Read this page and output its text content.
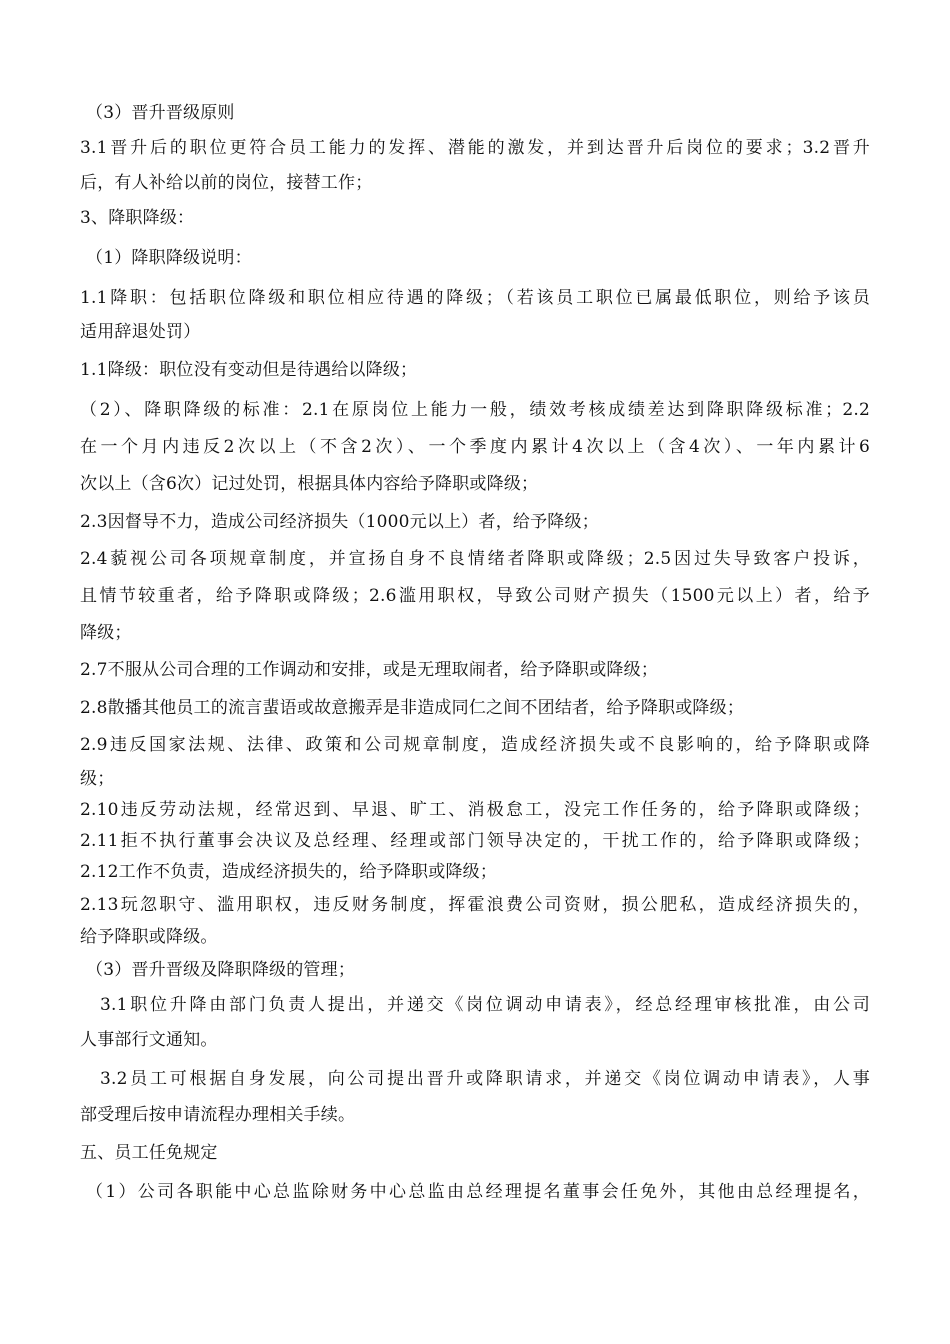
（3）晋升晋级原则
3.1晋升后的职位更符合员工能力的发挥、潜能的激发，并到达晋升后岗位的要求；3.2晋升
后，有人补给以前的岗位，接替工作；
3、降职降级：
（1）降职降级说明：
1.1降职：包括职位降级和职位相应待遇的降级；（若该员工职位已属最低职位，则给予该员
适用辞退处罚）
1.1降级：职位没有变动但是待遇给以降级；
（2）、降职降级的标准：2.1在原岗位上能力一般，绩效考核成绩差达到降职降级标准；2.2
在一个月内违反2次以上（不含2次）、一个季度内累计4次以上（含4次）、一年内累计6
次以上（含6次）记过处罚，根据具体内容给予降职或降级；
2.3因督导不力，造成公司经济损失（1000元以上）者，给予降级；
2.4藐视公司各项规章制度，并宣扬自身不良情绪者降职或降级；2.5因过失导致客户投诉，
且情节较重者，给予降职或降级；2.6滥用职权，导致公司财产损失（1500元以上）者，给予
降级；
2.7不服从公司合理的工作调动和安排，或是无理取闹者，给予降职或降级；
2.8散播其他员工的流言蜚语或故意搬弄是非造成同仁之间不团结者，给予降职或降级；
2.9违反国家法规、法律、政策和公司规章制度，造成经济损失或不良影响的，给予降职或降
级；
2.10违反劳动法规，经常迟到、早退、旷工、消极怠工，没完工作任务的，给予降职或降级；
2.11拒不执行董事会决议及总经理、经理或部门领导决定的，干扰工作的，给予降职或降级；
2.12工作不负责，造成经济损失的，给予降职或降级；
2.13玩忽职守、滥用职权，违反财务制度，挥霍浪费公司资财，损公肥私，造成经济损失的，
给予降职或降级。
（3）晋升晋级及降职降级的管理；
3.1职位升降由部门负责人提出，并递交《岗位调动申请表》，经总经理审核批准，由公司
人事部行文通知。
3.2员工可根据自身发展，向公司提出晋升或降职请求，并递交《岗位调动申请表》，人事
部受理后按申请流程办理相关手续。
五、员工任免规定
（1）公司各职能中心总监除财务中心总监由总经理提名董事会任免外，其他由总经理提名，
